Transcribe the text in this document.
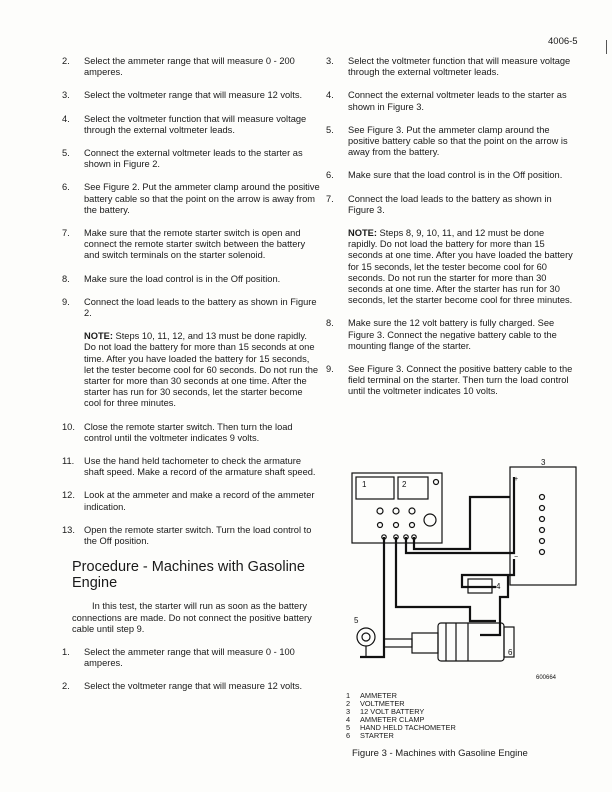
4006-5
2.	Select the ammeter range that will measure 0 - 200 amperes.
3.	Select the voltmeter range that will measure 12 volts.
4.	Select the voltmeter function that will measure voltage through the external voltmeter leads.
5.	Connect the external voltmeter leads to the starter as shown in Figure 2.
6.	See Figure 2. Put the ammeter clamp around the positive battery cable so that the point on the arrow is away from the battery.
7.	Make sure that the remote starter switch is open and connect the remote starter switch between the battery and switch terminals on the starter solenoid.
8.	Make sure the load control is in the Off position.
9.	Connect the load leads to the battery as shown in Figure 2.
NOTE: Steps 10, 11, 12, and 13 must be done rapidly. Do not load the battery for more than 15 seconds at one time. After you have loaded the battery for 15 seconds, let the tester become cool for 60 seconds. Do not run the starter for more than 30 seconds at one time. After the starter has run for 30 seconds, let the starter become cool for three minutes.
10. Close the remote starter switch. Then turn the load control until the voltmeter indicates 9 volts.
11.	Use the hand held tachometer to check the armature shaft speed. Make a record of the armature shaft speed.
12. Look at the ammeter and make a record of the ammeter indication.
13. Open the remote starter switch. Turn the load control to the Off position.
Procedure - Machines with Gasoline Engine
In this test, the starter will run as soon as the battery connections are made. Do not connect the positive battery cable until step 9.
1.	Select the ammeter range that will measure 0 - 100 amperes.
2.	Select the voltmeter range that will measure 12 volts.
3.	Select the voltmeter function that will measure voltage through the external voltmeter leads.
4.	Connect the external voltmeter leads to the starter as shown in Figure 3.
5.	See Figure 3. Put the ammeter clamp around the positive battery cable so that the point on the arrow is away from the battery.
6.	Make sure that the load control is in the Off position.
7.	Connect the load leads to the battery as shown in Figure 3.
NOTE: Steps 8, 9, 10, 11, and 12 must be done rapidly. Do not load the battery for more than 15 seconds at one time. After you have loaded the battery for 15 seconds, let the tester become cool for 60 seconds. Do not run the starter for more than 30 seconds at one time. After the starter has run for 30 seconds, let the starter become cool for three minutes.
8.	Make sure the 12 volt battery is fully charged. See Figure 3. Connect the negative battery cable to the mounting flange of the starter.
9.	See Figure 3. Connect the positive battery cable to the field terminal on the starter. Then turn the load control until the voltmeter indicates 10 volts.
3
+
−
1	2
4
5
6
600664
1	AMMETER
2	VOLTMETER
3	12 VOLT BATTERY
4	AMMETER CLAMP
5	HAND HELD TACHOMETER
6	STARTER
Figure 3 - Machines with Gasoline Engine
